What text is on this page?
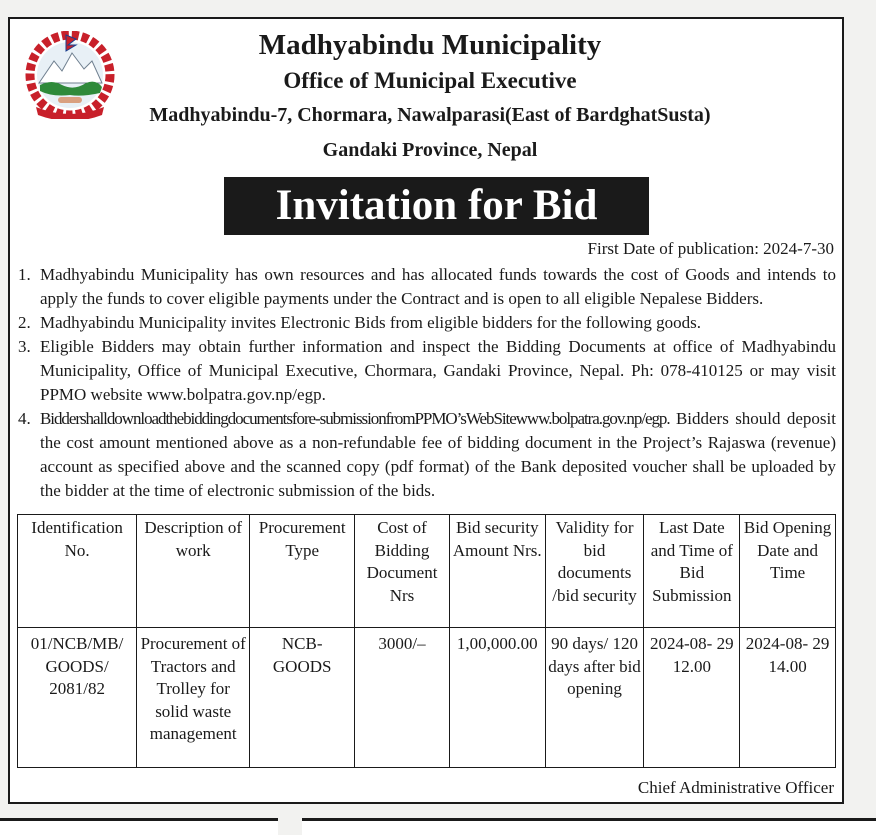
Madhyabindu Municipality
Office of Municipal Executive
Madhyabindu-7, Chormara, Nawalparasi(East of BardghatSusta)
Gandaki Province, Nepal
Invitation for Bid
First Date of publication: 2024-7-30
1. Madhyabindu Municipality has own resources and has allocated funds towards the cost of Goods and intends to apply the funds to cover eligible payments under the Contract and is open to all eligible Nepalese Bidders.
2. Madhyabindu Municipality invites Electronic Bids from eligible bidders for the following goods.
3. Eligible Bidders may obtain further information and inspect the Bidding Documents at office of Madhyabindu Municipality, Office of Municipal Executive, Chormara, Gandaki Province, Nepal. Ph: 078-410125 or may visit PPMO website www.bolpatra.gov.np/egp.
4. Biddershalldownloadthebiddingdocumentsfore-submissionfromPPMO’sWebSitewww.bolpatra.gov.np/egp. Bidders should deposit the cost amount mentioned above as a non-refundable fee of bidding document in the Project’s Rajaswa (revenue) account as specified above and the scanned copy (pdf format) of the Bank deposited voucher shall be uploaded by the bidder at the time of electronic submission of the bids.
Identification No.	Description of work	Procurement Type	Cost of Bidding Document Nrs	Bid security Amount Nrs.	Validity for bid documents /bid security	Last Date and Time of Bid Submission	Bid Opening Date and Time
01/NCB/MB/ GOODS/ 2081/82	Procurement of Tractors and Trolley for solid waste management	NCB- GOODS	3000/–	1,00,000.00	90 days/ 120 days after bid opening	2024-08- 29 12.00	2024-08- 29 14.00
Chief Administrative Officer
